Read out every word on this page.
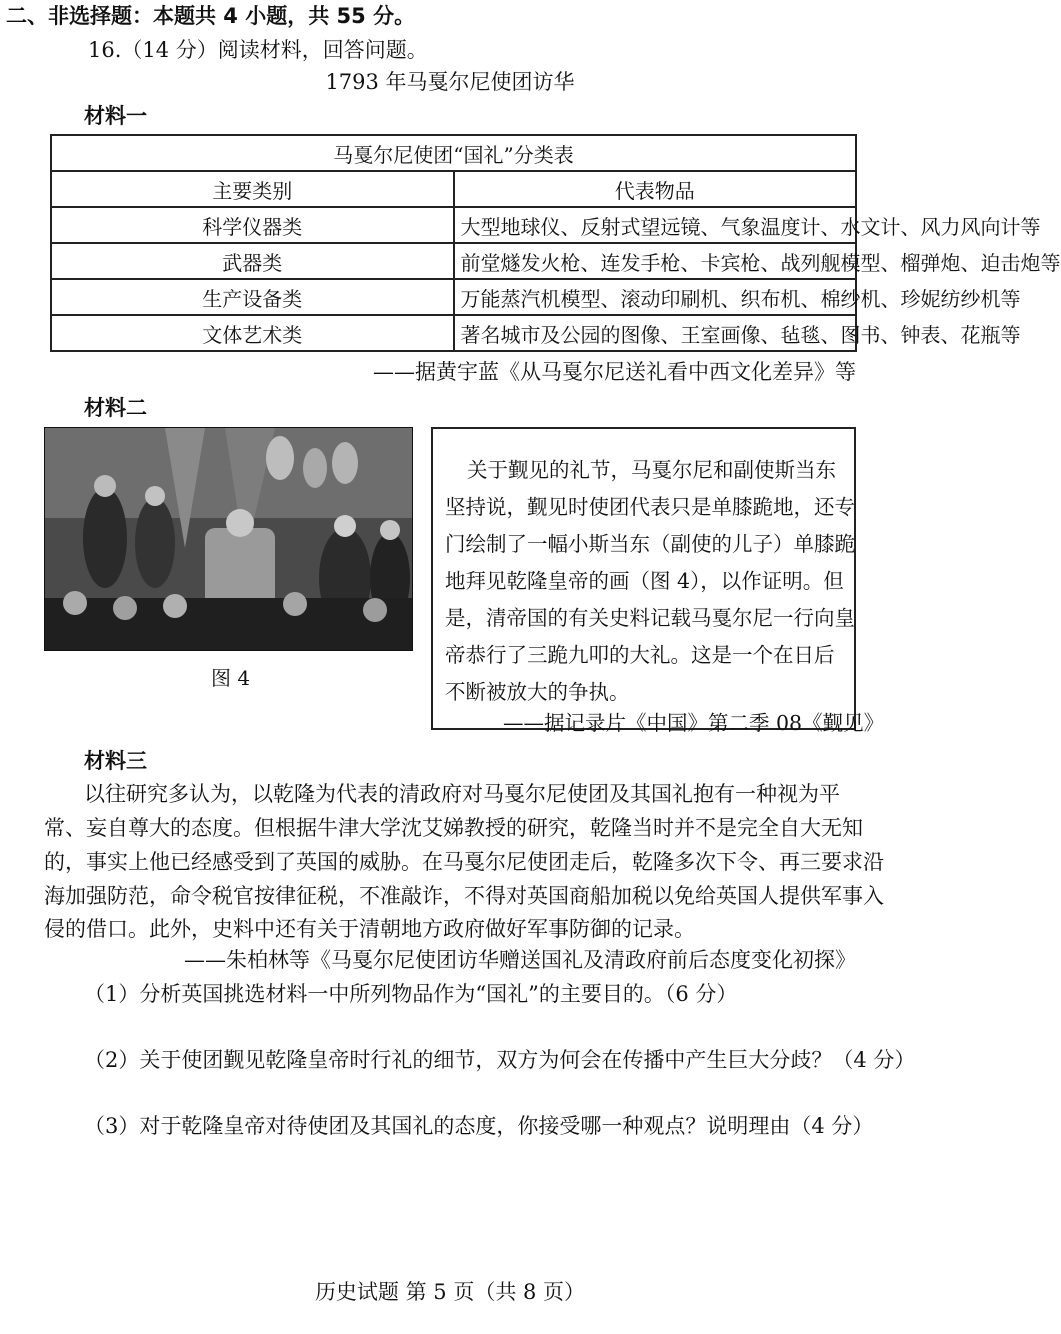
二、非选择题：本题共 4 小题，共 55 分。
16.（14 分）阅读材料，回答问题。
1793 年马戛尔尼使团访华
材料一
马戛尔尼使团“国礼”分类表	
主要类别	代表物品
科学仪器类	大型地球仪、反射式望远镜、气象温度计、水文计、风力风向计等
武器类	前堂燧发火枪、连发手枪、卡宾枪、战列舰模型、榴弹炮、迫击炮等
生产设备类	万能蒸汽机模型、滚动印刷机、织布机、棉纱机、珍妮纺纱机等
文体艺术类	著名城市及公园的图像、王室画像、毡毯、图书、钟表、花瓶等
——据黄宇蓝《从马戛尔尼送礼看中西文化差异》等
材料二
图 4
关于觐见的礼节，马戛尔尼和副使斯当东
坚持说，觐见时使团代表只是单膝跪地，还专
门绘制了一幅小斯当东（副使的儿子）单膝跪
地拜见乾隆皇帝的画（图 4），以作证明。但
是，清帝国的有关史料记载马戛尔尼一行向皇
帝恭行了三跪九叩的大礼。这是一个在日后
不断被放大的争执。
——据记录片《中国》第二季 08《觐见》
材料三
以往研究多认为，以乾隆为代表的清政府对马戛尔尼使团及其国礼抱有一种视为平
常、妄自尊大的态度。但根据牛津大学沈艾娣教授的研究，乾隆当时并不是完全自大无知
的，事实上他已经感受到了英国的威胁。在马戛尔尼使团走后，乾隆多次下令、再三要求沿
海加强防范，命令税官按律征税，不准敲诈，不得对英国商船加税以免给英国人提供军事入
侵的借口。此外，史料中还有关于清朝地方政府做好军事防御的记录。
——朱柏林等《马戛尔尼使团访华赠送国礼及清政府前后态度变化初探》
（1）分析英国挑选材料一中所列物品作为“国礼”的主要目的。（6 分）
（2）关于使团觐见乾隆皇帝时行礼的细节，双方为何会在传播中产生巨大分歧？（4 分）
（3）对于乾隆皇帝对待使团及其国礼的态度，你接受哪一种观点？说明理由（4 分）
历史试题 第 5 页（共 8 页）
